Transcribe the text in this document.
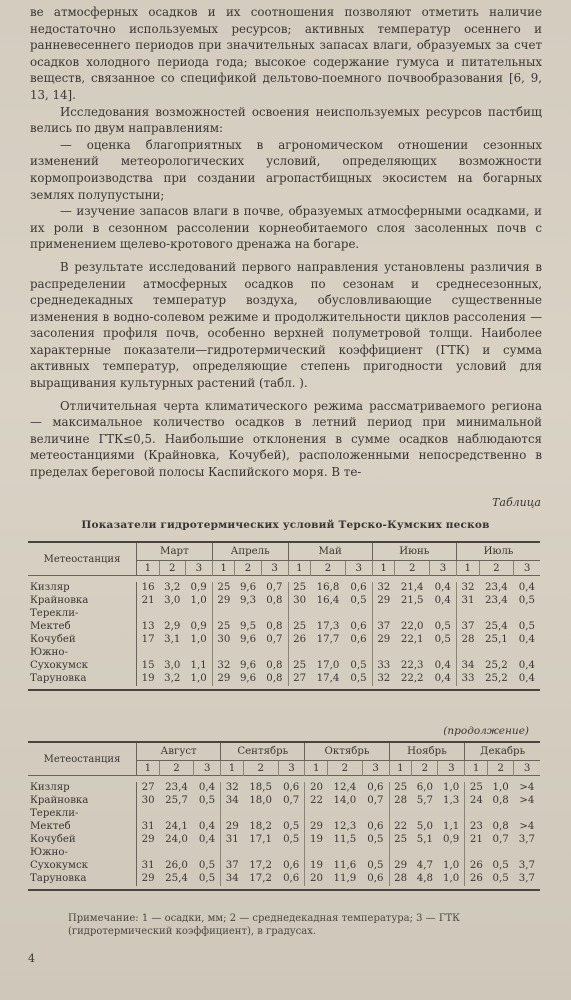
ве атмосферных осадков и их соотношения позволяют отметить наличие недостаточно используемых ресурсов; активных температур осеннего и ранневесеннего периодов при значительных запасах влаги, образуемых за счет осадков холодного периода года; высокое содержание гумуса и питательных веществ, связанное со спецификой дельтово-поемного почвообразования [6, 9, 13, 14].

Исследования возможностей освоения неиспользуемых ресурсов пастбищ велись по двум направлениям:

— оценка благоприятных в агрономическом отношении сезонных изменений метеорологических условий, определяющих возможности кормопроизводства при создании агропастбищных экосистем на богарных землях полупустыни;

— изучение запасов влаги в почве, образуемых атмосферными осадками, и их роли в сезонном рассолении корнеобитаемого слоя засоленных почв с применением щелево-кротового дренажа на богаре.

В результате исследований первого направления установлены различия в распределении атмосферных осадков по сезонам и среднесезонных, среднедекадных температур воздуха, обусловливающие существенные изменения в водно-солевом режиме и продолжительности циклов рассоления — засоления профиля почв, особенно верхней полуметровой толщи. Наиболее характерные показатели—гидротермический коэффициент (ГТК) и сумма активных температур, определяющие степень пригодности условий для выращивания культурных растений (табл. ).

Отличительная черта климатического режима рассматриваемого региона — максимальное количество осадков в летний период при минимальной величине ГТК≤0,5. Наибольшие отклонения в сумме осадков наблюдаются метеостанциями (Крайновка, Кочубей), расположенными непосредственно в пределах береговой полосы Каспийского моря. В те-

Таблица
Показатели гидротермических условий Терско-Кумских песков
Метеостанция	Март			Апрель			Май			Июнь			Июль		
	1	2	3	1	2	3	1	2	3	1	2	3	1	2	3

Кизляр	16	3,2	0,9	25	9,6	0,7	25	16,8	0,6	32	21,4	0,4	32	23,4	0,4
Крайновка	21	3,0	1,0	29	9,3	0,8	30	16,4	0,5	29	21,5	0,4	31	23,4	0,5
Терекли-															
Мектеб	13	2,9	0,9	25	9,5	0,8	25	17,3	0,6	37	22,0	0,5	37	25,4	0,5
Кочубей	17	3,1	1,0	30	9,6	0,7	26	17,7	0,6	29	22,1	0,5	28	25,1	0,4
Южно-															
Сухокумск	15	3,0	1,1	32	9,6	0,8	25	17,0	0,5	33	22,3	0,4	34	25,2	0,4
Таруновка	19	3,2	1,0	29	9,6	0,8	27	17,4	0,5	32	22,2	0,4	33	25,2	0,4

(продолжение)
Метеостанция	Август			Сентябрь			Октябрь			Ноябрь			Декабрь		
	1	2	3	1	2	3	1	2	3	1	2	3	1	2	3

Кизляр	27	23,4	0,4	32	18,5	0,6	20	12,4	0,6	25	6,0	1,0	25	1,0	>4
Крайновка	30	25,7	0,5	34	18,0	0,7	22	14,0	0,7	28	5,7	1,3	24	0,8	>4
Терекли-															
Мектеб	31	24,1	0,4	29	18,2	0,5	29	12,3	0,6	22	5,0	1,1	23	0,8	>4
Кочубей	29	24,0	0,4	31	17,1	0,5	19	11,5	0,5	25	5,1	0,9	21	0,7	3,7
Южно-															
Сухокумск	31	26,0	0,5	37	17,2	0,6	19	11,6	0,5	29	4,7	1,0	26	0,5	3,7
Таруновка	29	25,4	0,5	34	17,2	0,6	20	11,9	0,6	28	4,8	1,0	26	0,5	3,7

Примечание: 1 — осадки, мм; 2 — среднедекадная температура; 3 — ГТК (гидротермический коэффициент), в градусах.
4
